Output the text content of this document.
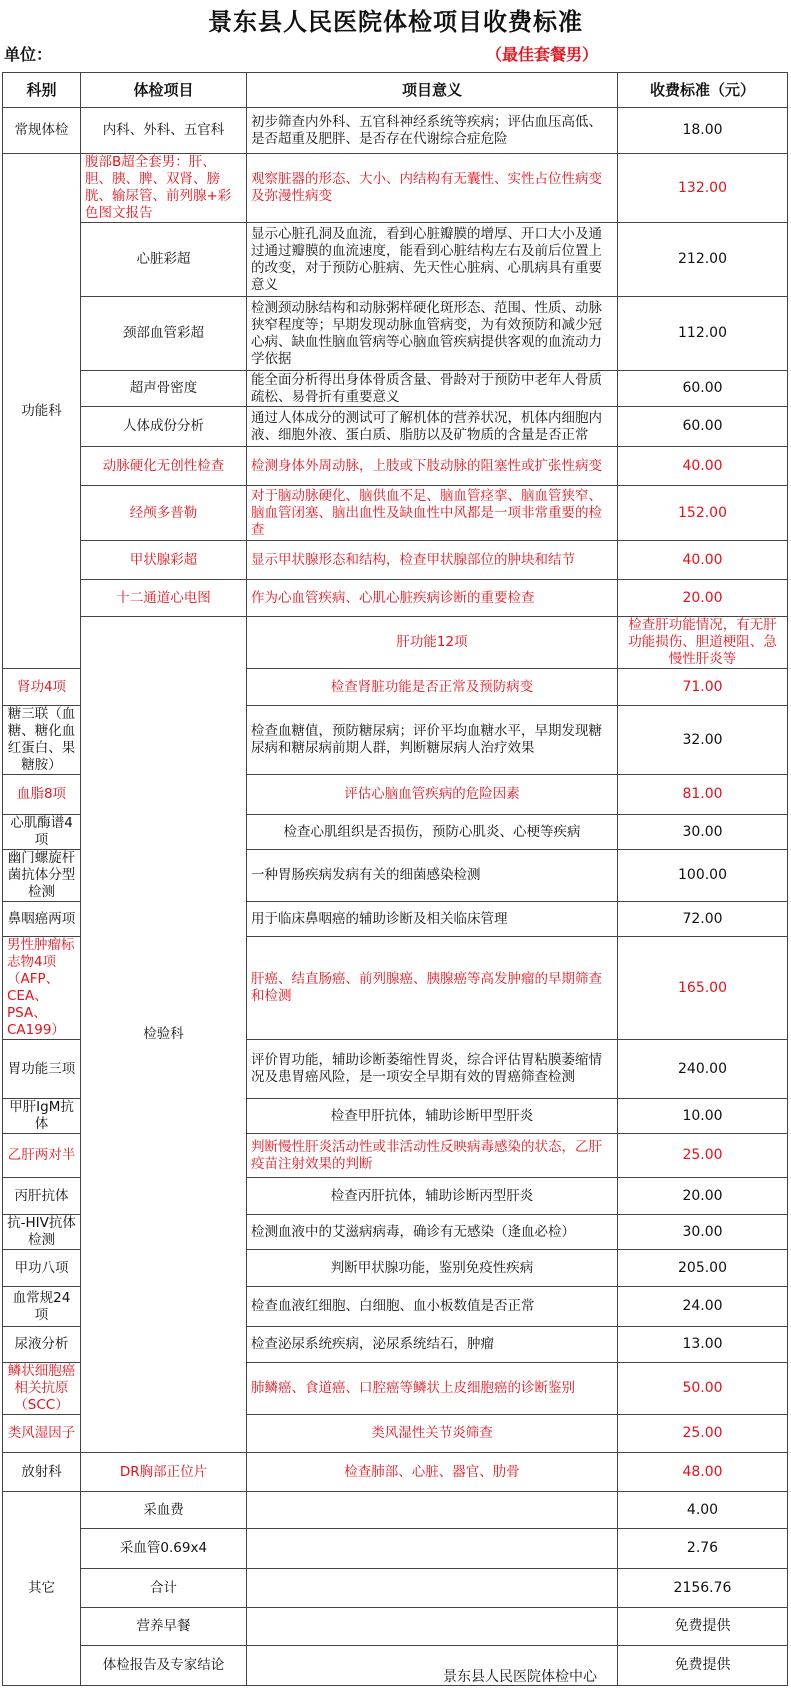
景东县人民医院体检项目收费标准
单位：	（最佳套餐男）
科别	体检项目	项目意义	收费标准（元）	
常规体检	内科、外科、五官科	初步筛查内外科、五官科神经系统等疾病；评估血压高低、是否超重及肥胖、是否存在代谢综合症危险	18.00	
功能科	腹部B超全套男：肝、胆、胰、脾、双肾、膀胱、输尿管、前列腺+彩色图文报告	观察脏器的形态、大小、内结构有无囊性、实性占位性病变及弥漫性病变	132.00	
	心脏彩超	显示心脏孔洞及血流，看到心脏瓣膜的增厚、开口大小及通过通过瓣膜的血流速度，能看到心脏结构左右及前后位置上的改变，对于预防心脏病、先天性心脏病、心肌病具有重要意义	212.00	
	颈部血管彩超	检测颈动脉结构和动脉粥样硬化斑形态、范围、性质、动脉狭窄程度等；早期发现动脉血管病变，为有效预防和减少冠心病、缺血性脑血管病等心脑血管疾病提供客观的血流动力学依据	112.00	
	超声骨密度	能全面分析得出身体骨质含量、骨龄对于预防中老年人骨质疏松、易骨折有重要意义	60.00	
	人体成份分析	通过人体成分的测试可了解机体的营养状况，机体内细胞内液、细胞外液、蛋白质、脂肪以及矿物质的含量是否正常	60.00	
	动脉硬化无创性检查	检测身体外周动脉，上肢或下肢动脉的阻塞性或扩张性病变	40.00	
	经颅多普勒	对于脑动脉硬化、脑供血不足、脑血管痉挛、脑血管狭窄、脑血管闭塞、脑出血性及缺血性中风都是一项非常重要的检查	152.00	
	甲状腺彩超	显示甲状腺形态和结构，检查甲状腺部位的肿块和结节	40.00	
	十二通道心电图	作为心血管疾病、心肌心脏疾病诊断的重要检查	20.00	
	检验科	肝功能12项	检查肝功能情况，有无肝功能损伤、胆道梗阻、急慢性肝炎等	
肾功4项		检查肾脏功能是否正常及预防病变	71.00	
糖三联（血糖、糖化血红蛋白、果糖胺）		检查血糖值，预防糖尿病；评价平均血糖水平，早期发现糖尿病和糖尿病前期人群，判断糖尿病人治疗效果	32.00	
血脂8项		评估心脑血管疾病的危险因素	81.00	
心肌酶谱4项		检查心肌组织是否损伤，预防心肌炎、心梗等疾病	30.00	
幽门螺旋杆菌抗体分型检测		一种胃肠疾病发病有关的细菌感染检测	100.00	
鼻咽癌两项		用于临床鼻咽癌的辅助诊断及相关临床管理	72.00	
男性肿瘤标志物4项（AFP、CEA、PSA、CA199）		肝癌、结直肠癌、前列腺癌、胰腺癌等高发肿瘤的早期筛查和检测	165.00	
胃功能三项		评价胃功能，辅助诊断萎缩性胃炎，综合评估胃粘膜萎缩情况及患胃癌风险，是一项安全早期有效的胃癌筛查检测	240.00	
甲肝IgM抗体		检查甲肝抗体，辅助诊断甲型肝炎	10.00	
乙肝两对半		判断慢性肝炎活动性或非活动性反映病毒感染的状态，乙肝疫苗注射效果的判断	25.00	
丙肝抗体		检查丙肝抗体，辅助诊断丙型肝炎	20.00	
抗-HIV抗体检测		检测血液中的艾滋病病毒，确诊有无感染（逢血必检）	30.00	
甲功八项		判断甲状腺功能，鉴别免疫性疾病	205.00	
血常规24项		检查血液红细胞、白细胞、血小板数值是否正常	24.00	
尿液分析		检查泌尿系统疾病，泌尿系统结石，肿瘤	13.00	
鳞状细胞癌相关抗原（SCC）		肺鳞癌、食道癌、口腔癌等鳞状上皮细胞癌的诊断鉴别	50.00	
类风湿因子		类风湿性关节炎筛查	25.00	
放射科	DR胸部正位片	检查肺部、心脏、器官、肋骨	48.00	
其它	采血费		4.00	
	采血管0.69x4		2.76	
	合计		2156.76	
	营养早餐		免费提供	
	体检报告及专家结论		免费提供	
景东县人民医院体检中心
